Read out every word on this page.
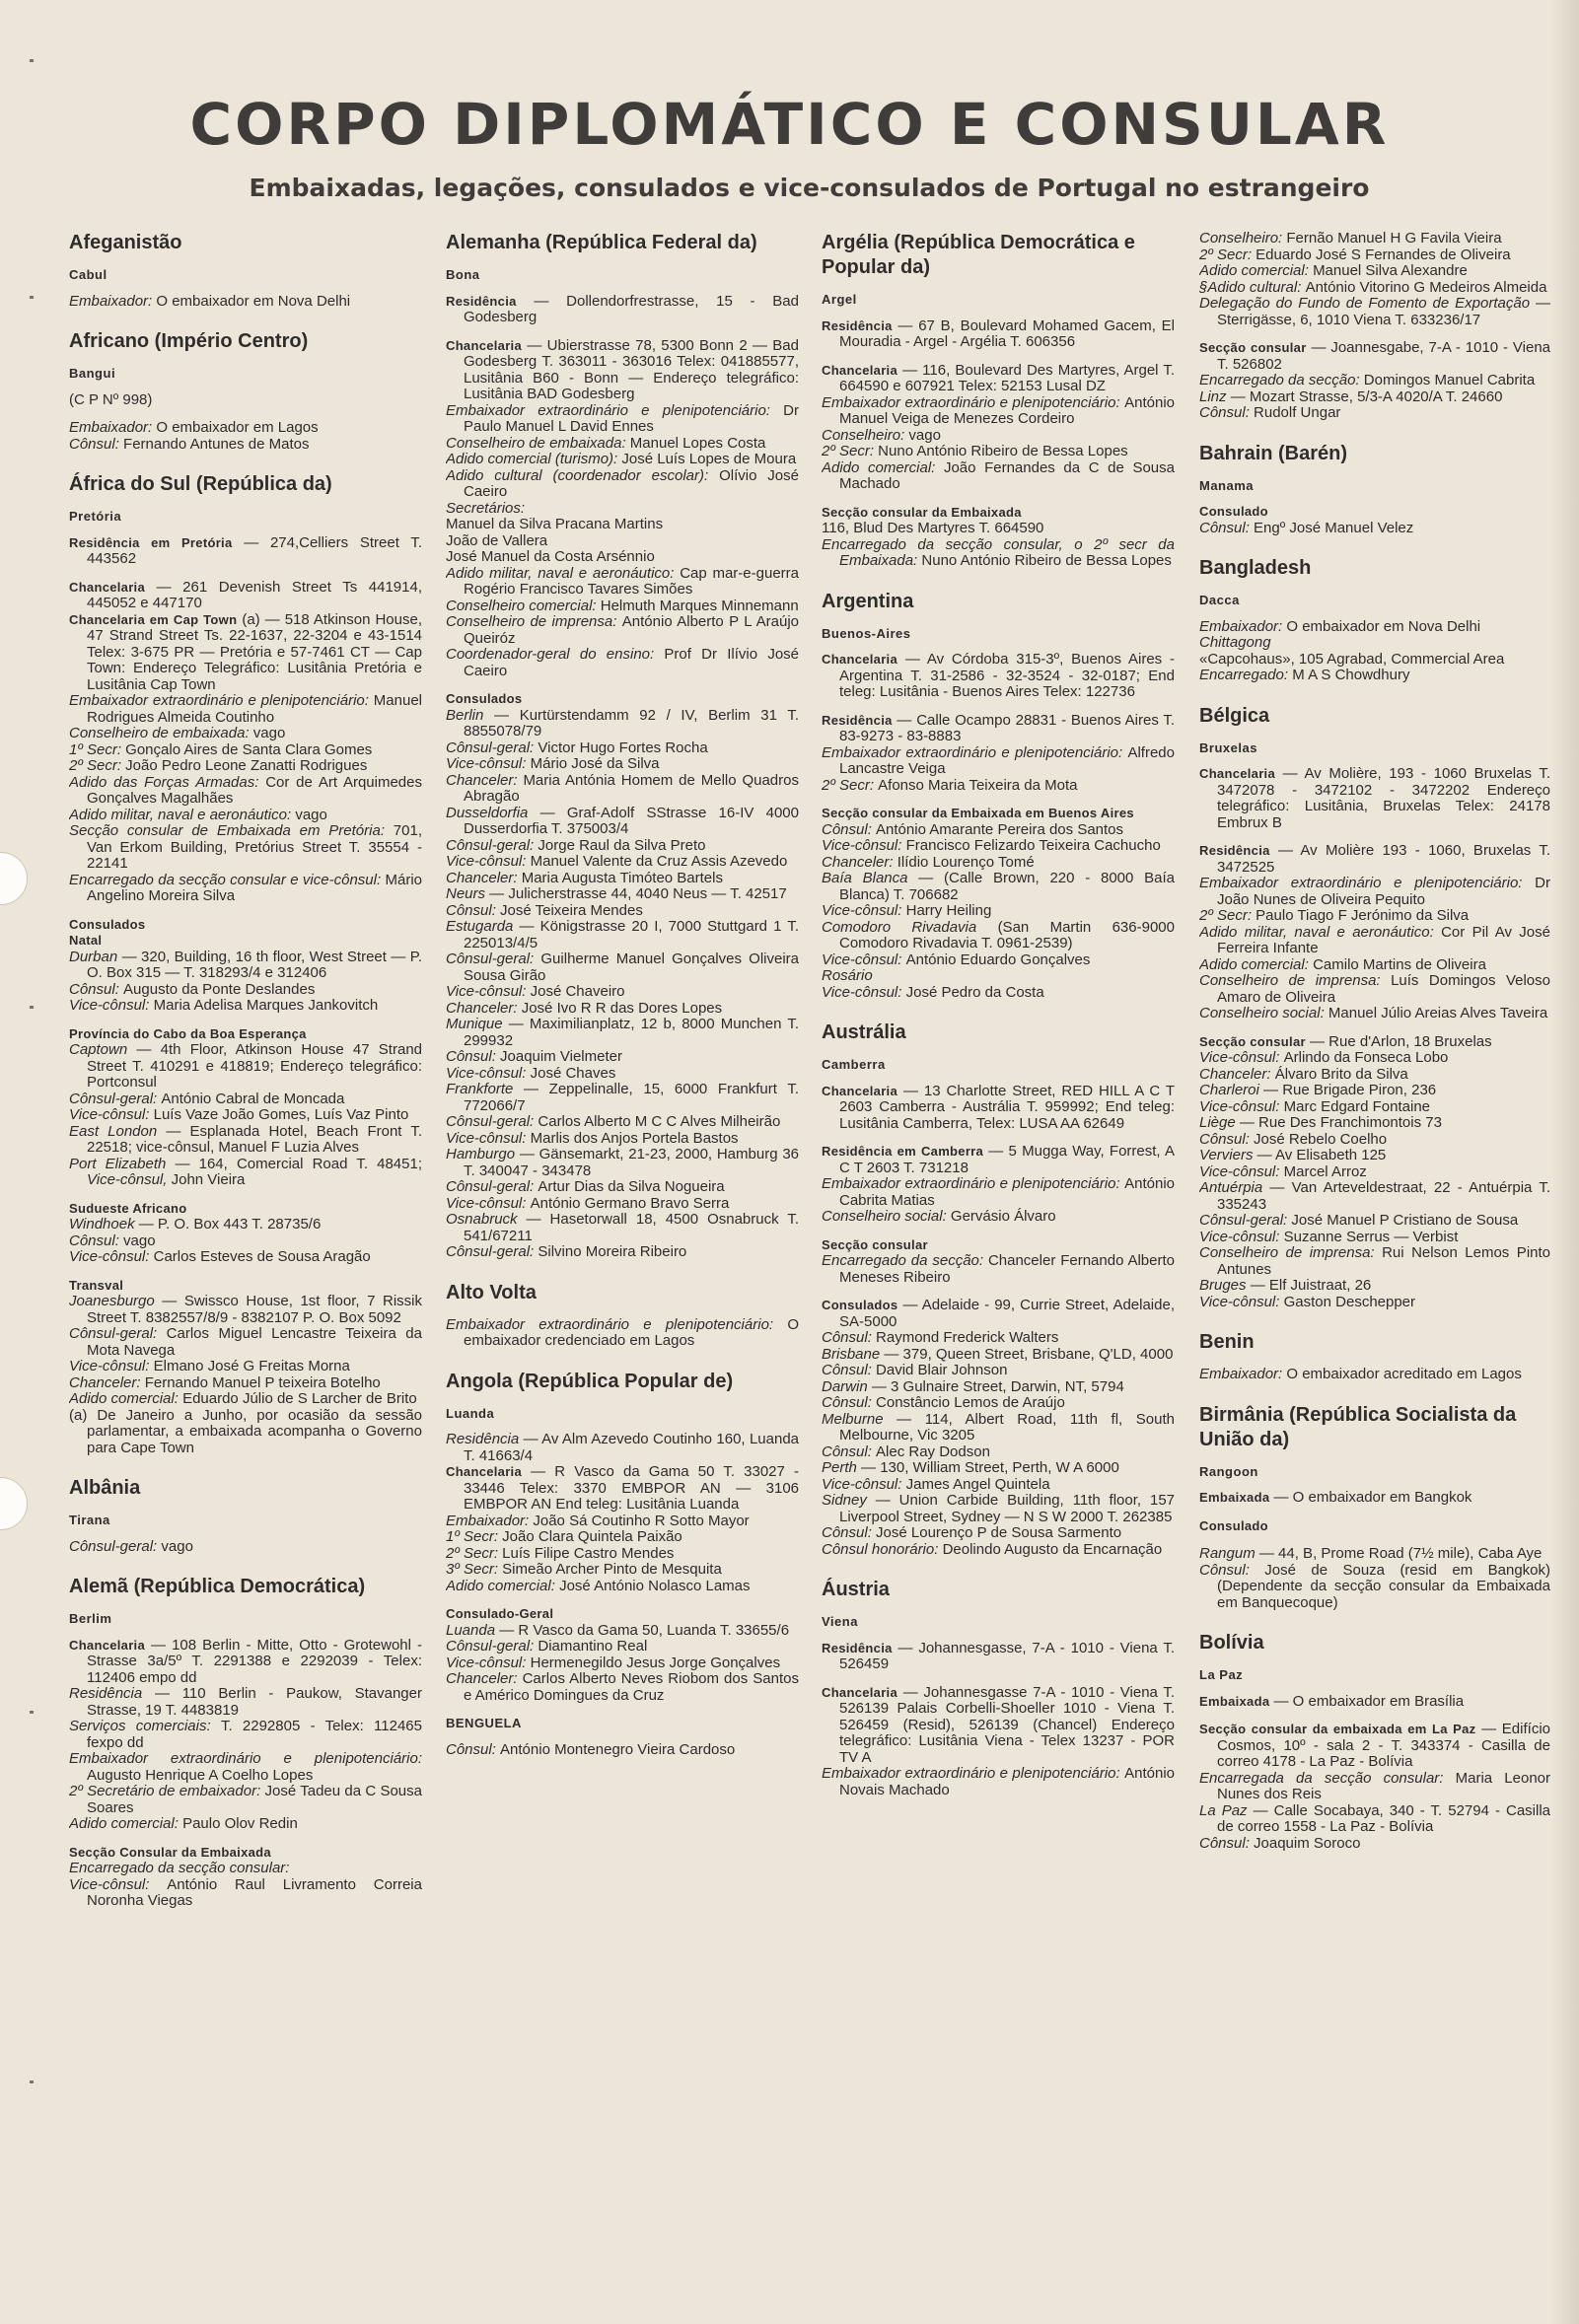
CORPO DIPLOMÁTICO E CONSULAR
Embaixadas, legações, consulados e vice-consulados de Portugal no estrangeiro
Afeganistão
Cabul

Embaixador: O embaixador em Nova Delhi

Africano (Império Centro)
Bangui

(C P Nº 998)

Embaixador: O embaixador em Lagos

Cônsul: Fernando Antunes de Matos

África do Sul (República da)
Pretória

Residência em Pretória — 274,Celliers Street T. 443562

Chancelaria — 261 Devenish Street Ts 441914, 445052 e 447170

Chancelaria em Cap Town (a) — 518 Atkinson House, 47 Strand Street Ts. 22-1637, 22-3204 e 43-1514 Telex: 3-675 PR — Pretória e 57-7461 CT — Cap Town: Endereço Telegráfico: Lusitânia Pretória e Lusitânia Cap Town

Embaixador extraordinário e plenipotenciário: Manuel Rodrigues Almeida Coutinho

Conselheiro de embaixada: vago

1º Secr: Gonçalo Aires de Santa Clara Gomes

2º Secr: João Pedro Leone Zanatti Rodrigues

Adido das Forças Armadas: Cor de Art Arquimedes Gonçalves Magalhães

Adido militar, naval e aeronáutico: vago

Secção consular de Embaixada em Pretória: 701, Van Erkom Building, Pretórius Street T. 35554 - 22141

Encarregado da secção consular e vice-cônsul: Mário Angelino Moreira Silva

Consulados

Natal

Durban — 320, Building, 16 th floor, West Street — P. O. Box 315 — T. 318293/4 e 312406

Cônsul: Augusto da Ponte Deslandes

Vice-cônsul: Maria Adelisa Marques Jankovitch

Província do Cabo da Boa Esperança

Captown — 4th Floor, Atkinson House 47 Strand Street T. 410291 e 418819; Endereço telegráfico: Portconsul

Cônsul-geral: António Cabral de Moncada

Vice-cônsul: Luís Vaze João Gomes, Luís Vaz Pinto

East London — Esplanada Hotel, Beach Front T. 22518; vice-cônsul, Manuel F Luzia Alves

Port Elizabeth — 164, Comercial Road T. 48451; Vice-cônsul, John Vieira

Sudueste Africano

Windhoek — P. O. Box 443 T. 28735/6

Cônsul: vago

Vice-cônsul: Carlos Esteves de Sousa Aragão

Transval

Joanesburgo — Swissco House, 1st floor, 7 Rissik Street T. 8382557/8/9 - 8382107 P. O. Box 5092

Cônsul-geral: Carlos Miguel Lencastre Teixeira da Mota Navega

Vice-cônsul: Elmano José G Freitas Morna

Chanceler: Fernando Manuel P teixeira Botelho

Adido comercial: Eduardo Júlio de S Larcher de Brito

(a) De Janeiro a Junho, por ocasião da sessão parlamentar, a embaixada acompanha o Governo para Cape Town

Albânia
Tirana

Cônsul-geral: vago

Alemã (República Democrática)
Berlim

Chancelaria — 108 Berlin - Mitte, Otto - Grotewohl - Strasse 3a/5º T. 2291388 e 2292039 - Telex: 112406 empo dd

Residência — 110 Berlin - Paukow, Stavanger Strasse, 19 T. 4483819

Serviços comerciais: T. 2292805 - Telex: 112465 fexpo dd

Embaixador extraordinário e plenipotenciário: Augusto Henrique A Coelho Lopes

2º Secretário de embaixador: José Tadeu da C Sousa Soares

Adido comercial: Paulo Olov Redin

Secção Consular da Embaixada

Encarregado da secção consular:

Vice-cônsul: António Raul Livramento Correia Noronha Viegas

Alemanha (República Federal da)
Bona

Residência — Dollendorfrestrasse, 15 - Bad Godesberg

Chancelaria — Ubierstrasse 78, 5300 Bonn 2 — Bad Godesberg T. 363011 - 363016 Telex: 041885577, Lusitânia B60 - Bonn — Endereço telegráfico: Lusitânia BAD Godesberg

Embaixador extraordinário e plenipotenciário: Dr Paulo Manuel L David Ennes

Conselheiro de embaixada: Manuel Lopes Costa

Adido comercial (turismo): José Luís Lopes de Moura

Adido cultural (coordenador escolar): Olívio José Caeiro

Secretários:

Manuel da Silva Pracana Martins

João de Vallera

José Manuel da Costa Arsénnio

Adido militar, naval e aeronáutico: Cap mar-e-guerra Rogério Francisco Tavares Simões

Conselheiro comercial: Helmuth Marques Minnemann

Conselheiro de imprensa: António Alberto P L Araújo Queiróz

Coordenador-geral do ensino: Prof Dr Ilívio José Caeiro

Consulados

Berlin — Kurtürstendamm 92 / IV, Berlim 31 T. 8855078/79

Cônsul-geral: Victor Hugo Fortes Rocha

Vice-cônsul: Mário José da Silva

Chanceler: Maria Antónia Homem de Mello Quadros Abragão

Dusseldorfia — Graf-Adolf SStrasse 16-IV 4000 Dusserdorfia T. 375003/4

Cônsul-geral: Jorge Raul da Silva Preto

Vice-cônsul: Manuel Valente da Cruz Assis Azevedo

Chanceler: Maria Augusta Timóteo Bartels

Neurs — Julicherstrasse 44, 4040 Neus — T. 42517

Cônsul: José Teixeira Mendes

Estugarda — Königstrasse 20 I, 7000 Stuttgard 1 T. 225013/4/5

Cônsul-geral: Guilherme Manuel Gonçalves Oliveira Sousa Girão

Vice-cônsul: José Chaveiro

Chanceler: José Ivo R R das Dores Lopes

Munique — Maximilianplatz, 12 b, 8000 Munchen T. 299932

Cônsul: Joaquim Vielmeter

Vice-cônsul: José Chaves

Frankforte — Zeppelinalle, 15, 6000 Frankfurt T. 772066/7

Cônsul-geral: Carlos Alberto M C C Alves Milheirão

Vice-cônsul: Marlis dos Anjos Portela Bastos

Hamburgo — Gänsemarkt, 21-23, 2000, Hamburg 36 T. 340047 - 343478

Cônsul-geral: Artur Dias da Silva Nogueira

Vice-cônsul: António Germano Bravo Serra

Osnabruck — Hasetorwall 18, 4500 Osnabruck T. 541/67211

Cônsul-geral: Silvino Moreira Ribeiro

Alto Volta

Embaixador extraordinário e plenipotenciário: O embaixador credenciado em Lagos

Angola (República Popular de)
Luanda

Residência — Av Alm Azevedo Coutinho 160, Luanda T. 41663/4

Chancelaria — R Vasco da Gama 50 T. 33027 - 33446 Telex: 3370 EMBPOR AN — 3106 EMBPOR AN End teleg: Lusitânia Luanda

Embaixador: João Sá Coutinho R Sotto Mayor

1º Secr: João Clara Quintela Paixão

2º Secr: Luís Filipe Castro Mendes

3º Secr: Simeão Archer Pinto de Mesquita

Adido comercial: José António Nolasco Lamas

Consulado-Geral

Luanda — R Vasco da Gama 50, Luanda T. 33655/6

Cônsul-geral: Diamantino Real

Vice-cônsul: Hermenegildo Jesus Jorge Gonçalves

Chanceler: Carlos Alberto Neves Riobom dos Santos e Américo Domingues da Cruz

BENGUELA

Cônsul: António Montenegro Vieira Cardoso

Argélia (República Democrática e Popular da)
Argel

Residência — 67 B, Boulevard Mohamed Gacem, El Mouradia - Argel - Argélia T. 606356

Chancelaria — 116, Boulevard Des Martyres, Argel T. 664590 e 607921 Telex: 52153 Lusal DZ

Embaixador extraordinário e plenipotenciário: António Manuel Veiga de Menezes Cordeiro

Conselheiro: vago

2º Secr: Nuno António Ribeiro de Bessa Lopes

Adido comercial: João Fernandes da C de Sousa Machado

Secção consular da Embaixada

116, Blud Des Martyres T. 664590

Encarregado da secção consular, o 2º secr da Embaixada: Nuno António Ribeiro de Bessa Lopes

Argentina
Buenos-Aires

Chancelaria — Av Córdoba 315-3º, Buenos Aires - Argentina T. 31-2586 - 32-3524 - 32-0187; End teleg: Lusitânia - Buenos Aires Telex: 122736

Residência — Calle Ocampo 28831 - Buenos Aires T. 83-9273 - 83-8883

Embaixador extraordinário e plenipotenciário: Alfredo Lancastre Veiga

2º Secr: Afonso Maria Teixeira da Mota

Secção consular da Embaixada em Buenos Aires

Cônsul: António Amarante Pereira dos Santos

Vice-cônsul: Francisco Felizardo Teixeira Cachucho

Chanceler: Ilídio Lourenço Tomé

Baía Blanca — (Calle Brown, 220 - 8000 Baía Blanca) T. 706682

Vice-cônsul: Harry Heiling

Comodoro Rivadavia (San Martin 636-9000 Comodoro Rivadavia T. 0961-2539)

Vice-cônsul: António Eduardo Gonçalves

Rosário

Vice-cônsul: José Pedro da Costa

Austrália
Camberra

Chancelaria — 13 Charlotte Street, RED HILL A C T 2603 Camberra - Austrália T. 959992; End teleg: Lusitânia Camberra, Telex: LUSA AA 62649

Residência em Camberra — 5 Mugga Way, Forrest, A C T 2603 T. 731218

Embaixador extraordinário e plenipotenciário: António Cabrita Matias

Conselheiro social: Gervásio Álvaro

Secção consular

Encarregado da secção: Chanceler Fernando Alberto Meneses Ribeiro

Consulados — Adelaide - 99, Currie Street, Adelaide, SA-5000

Cônsul: Raymond Frederick Walters

Brisbane — 379, Queen Street, Brisbane, Q'LD, 4000

Cônsul: David Blair Johnson

Darwin — 3 Gulnaire Street, Darwin, NT, 5794

Cônsul: Constâncio Lemos de Araújo

Melburne — 114, Albert Road, 11th fl, South Melbourne, Vic 3205

Cônsul: Alec Ray Dodson

Perth — 130, William Street, Perth, W A 6000

Vice-cônsul: James Angel Quintela

Sidney — Union Carbide Building, 11th floor, 157 Liverpool Street, Sydney — N S W 2000 T. 262385

Cônsul: José Lourenço P de Sousa Sarmento

Cônsul honorário: Deolindo Augusto da Encarnação

Áustria
Viena

Residência — Johannesgasse, 7-A - 1010 - Viena T. 526459

Chancelaria — Johannesgasse 7-A - 1010 - Viena T. 526139 Palais Corbelli-Shoeller 1010 - Viena T. 526459 (Resid), 526139 (Chancel) Endereço telegráfico: Lusitânia Viena - Telex 13237 - POR TV A

Embaixador extraordinário e plenipotenciário: António Novais Machado

Conselheiro: Fernão Manuel H G Favila Vieira

2º Secr: Eduardo José S Fernandes de Oliveira

Adido comercial: Manuel Silva Alexandre

§Adido cultural: António Vitorino G Medeiros Almeida

Delegação do Fundo de Fomento de Exportação — Sterrigässe, 6, 1010 Viena T. 633236/17

Secção consular — Joannesgabe, 7-A - 1010 - Viena T. 526802

Encarregado da secção: Domingos Manuel Cabrita

Linz — Mozart Strasse, 5/3-A 4020/A T. 24660

Cônsul: Rudolf Ungar

Bahrain (Barén)
Manama

Consulado

Cônsul: Engº José Manuel Velez

Bangladesh
Dacca

Embaixador: O embaixador em Nova Delhi

Chittagong

«Capcohaus», 105 Agrabad, Commercial Area

Encarregado: M A S Chowdhury

Bélgica
Bruxelas

Chancelaria — Av Molière, 193 - 1060 Bruxelas T. 3472078 - 3472102 - 3472202 Endereço telegráfico: Lusitânia, Bruxelas Telex: 24178 Embrux B

Residência — Av Molière 193 - 1060, Bruxelas T. 3472525

Embaixador extraordinário e plenipotenciário: Dr João Nunes de Oliveira Pequito

2º Secr: Paulo Tiago F Jerónimo da Silva

Adido militar, naval e aeronáutico: Cor Pil Av José Ferreira Infante

Adido comercial: Camilo Martins de Oliveira

Conselheiro de imprensa: Luís Domingos Veloso Amaro de Oliveira

Conselheiro social: Manuel Júlio Areias Alves Taveira

Secção consular — Rue d'Arlon, 18 Bruxelas

Vice-cônsul: Arlindo da Fonseca Lobo

Chanceler: Álvaro Brito da Silva

Charleroi — Rue Brigade Piron, 236

Vice-cônsul: Marc Edgard Fontaine

Liège — Rue Des Franchimontois 73

Cônsul: José Rebelo Coelho

Verviers — Av Elisabeth 125

Vice-cônsul: Marcel Arroz

Antuérpia — Van Arteveldestraat, 22 - Antuérpia T. 335243

Cônsul-geral: José Manuel P Cristiano de Sousa

Vice-cônsul: Suzanne Serrus — Verbist

Conselheiro de imprensa: Rui Nelson Lemos Pinto Antunes

Bruges — Elf Juistraat, 26

Vice-cônsul: Gaston Deschepper

Benin

Embaixador: O embaixador acreditado em Lagos

Birmânia (República Socialista da União da)
Rangoon

Embaixada — O embaixador em Bangkok

Consulado

Rangum — 44, B, Prome Road (7½ mile), Caba Aye

Cônsul: José de Souza (resid em Bangkok) (Dependente da secção consular da Embaixada em Banquecoque)

Bolívia
La Paz

Embaixada — O embaixador em Brasília

Secção consular da embaixada em La Paz — Edifício Cosmos, 10º - sala 2 - T. 343374 - Casilla de correo 4178 - La Paz - Bolívia

Encarregada da secção consular: Maria Leonor Nunes dos Reis

La Paz — Calle Socabaya, 340 - T. 52794 - Casilla de correo 1558 - La Paz - Bolívia

Cônsul: Joaquim Soroco
